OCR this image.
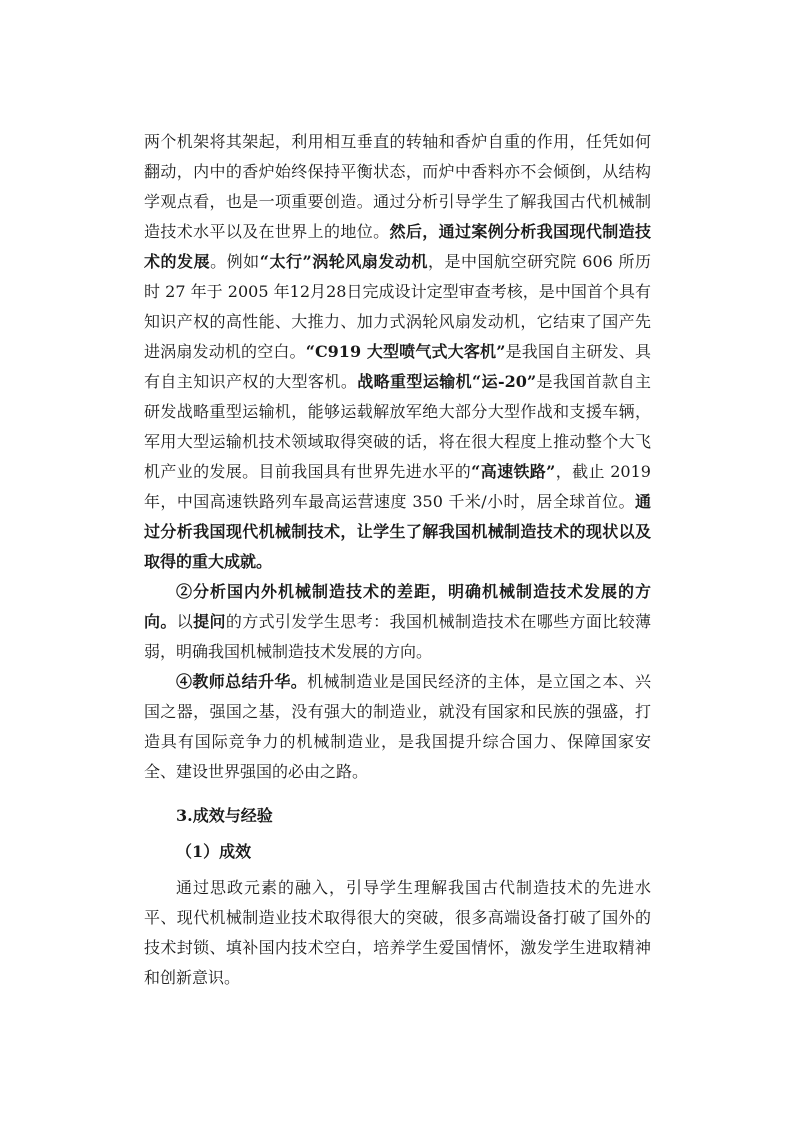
两个机架将其架起，利用相互垂直的转轴和香炉自重的作用，任凭如何翻动，内中的香炉始终保持平衡状态，而炉中香料亦不会倾倒，从结构学观点看，也是一项重要创造。通过分析引导学生了解我国古代机械制造技术水平以及在世界上的地位。然后，通过案例分析我国现代制造技术的发展。例如“太行”涡轮风扇发动机，是中国航空研究院 606 所历时 27 年于 2005 年12月28日完成设计定型审查考核，是中国首个具有知识产权的高性能、大推力、加力式涡轮风扇发动机，它结束了国产先进涡扇发动机的空白。“C919 大型喷气式大客机”是我国自主研发、具有自主知识产权的大型客机。战略重型运输机“运-20”是我国首款自主研发战略重型运输机，能够运载解放军绝大部分大型作战和支援车辆，军用大型运输机技术领域取得突破的话，将在很大程度上推动整个大飞机产业的发展。目前我国具有世界先进水平的“高速铁路”，截止 2019 年，中国高速铁路列车最高运营速度 350 千米/小时，居全球首位。通过分析我国现代机械制技术，让学生了解我国机械制造技术的现状以及取得的重大成就。

②分析国内外机械制造技术的差距，明确机械制造技术发展的方向。以提问的方式引发学生思考：我国机械制造技术在哪些方面比较薄弱，明确我国机械制造技术发展的方向。

④教师总结升华。机械制造业是国民经济的主体，是立国之本、兴国之器，强国之基，没有强大的制造业，就没有国家和民族的强盛，打造具有国际竞争力的机械制造业，是我国提升综合国力、保障国家安全、建设世界强国的必由之路。

3.成效与经验

（1）成效

通过思政元素的融入，引导学生理解我国古代制造技术的先进水平、现代机械制造业技术取得很大的突破，很多高端设备打破了国外的技术封锁、填补国内技术空白，培养学生爱国情怀，激发学生进取精神和创新意识。
